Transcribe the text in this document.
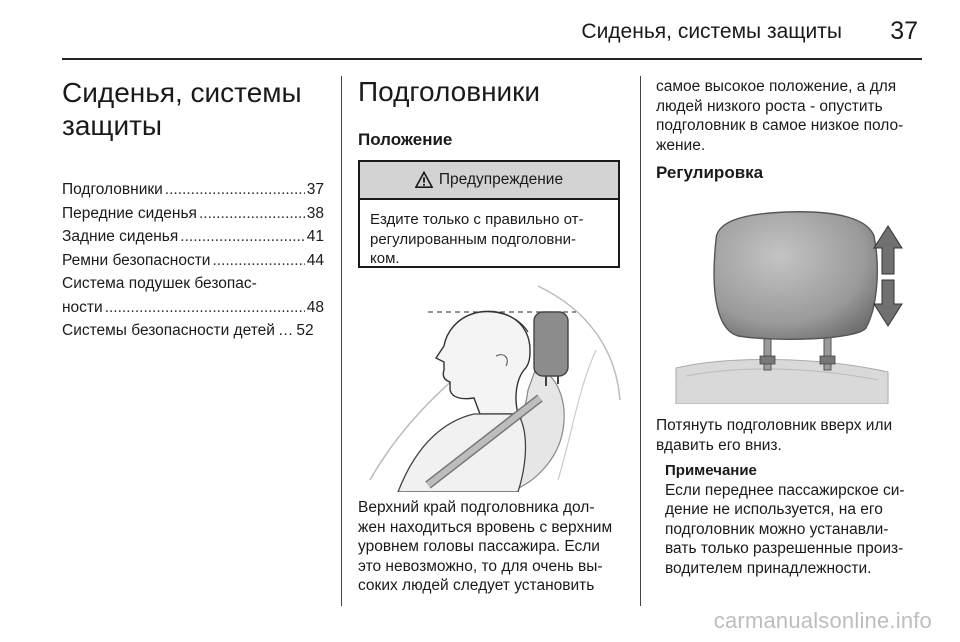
Сиденья, системы защиты 37
Сиденья, системы
защиты
Подголовники .....	37
Передние сиденья .....	38
Задние сиденья .....	41
Ремни безопасности .....	44
Система подушек безопас-
ности .....	48
Системы безопасности детей … 52
Подголовники
Положение
Предупреждение
Ездите только с правильно от-
регулированным подголовни-
ком.
Верхний край подголовника дол-
жен находиться вровень с верхним
уровнем головы пассажира. Если
это невозможно, то для очень вы-
соких людей следует установить
самое высокое положение, а для
людей низкого роста - опустить
подголовник в самое низкое поло-
жение.
Регулировка
Потянуть подголовник вверх или
вдавить его вниз.
Примечание
Если переднее пассажирское си-
дение не используется, на его
подголовник можно устанавли-
вать только разрешенные произ-
водителем принадлежности.
carmanualsonline.info
